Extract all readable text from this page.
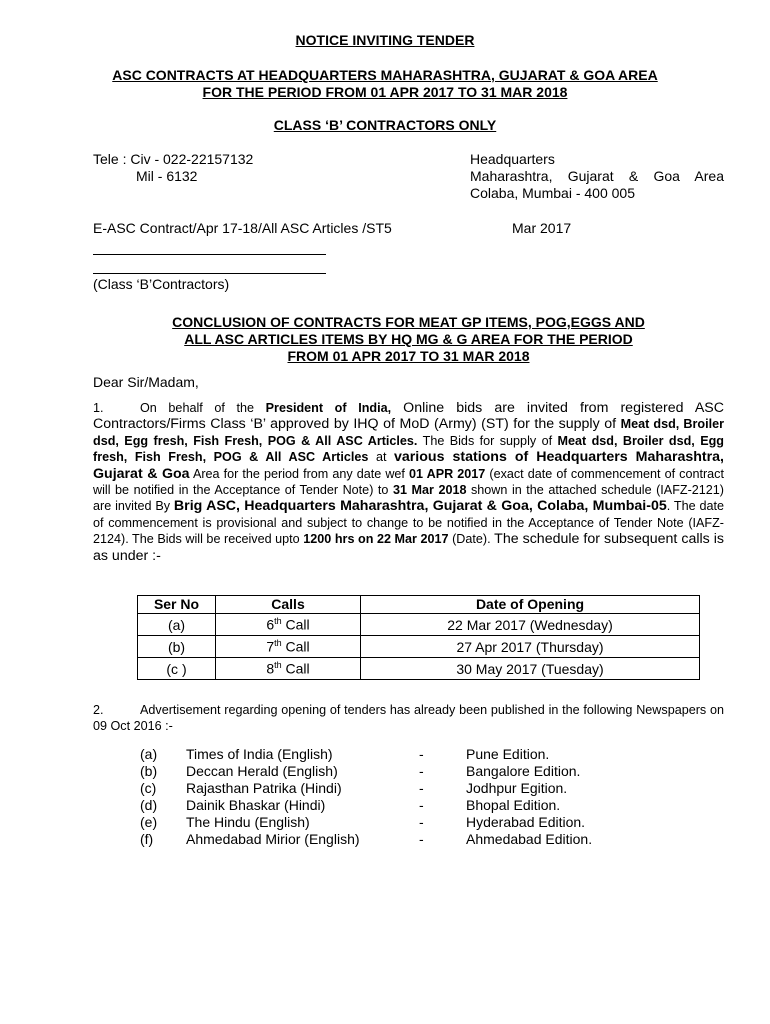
NOTICE INVITING TENDER
ASC CONTRACTS AT HEADQUARTERS MAHARASHTRA, GUJARAT & GOA AREA
FOR THE PERIOD FROM 01 APR 2017 TO 31 MAR 2018
CLASS ‘B’ CONTRACTORS ONLY
Tele : Civ - 022-22157132
Mil - 6132
Headquarters
Maharashtra, Gujarat & Goa Area
Colaba, Mumbai - 400 005
E-ASC Contract/Apr 17-18/All ASC Articles /ST5	Mar 2017
(Class ‘B’Contractors)
CONCLUSION OF CONTRACTS FOR MEAT GP ITEMS, POG,EGGS AND
ALL ASC ARTICLES ITEMS BY HQ MG & G AREA FOR THE PERIOD
FROM 01 APR 2017 TO 31 MAR 2018
Dear Sir/Madam,
1.	On behalf of the President of India, Online bids are invited from registered ASC Contractors/Firms Class ‘B’ approved by IHQ of MoD (Army) (ST) for the supply of Meat dsd, Broiler dsd, Egg fresh, Fish Fresh, POG & All ASC Articles. The Bids for supply of Meat dsd, Broiler dsd, Egg fresh, Fish Fresh, POG & All ASC Articles at various stations of Headquarters Maharashtra, Gujarat & Goa Area for the period from any date wef 01 APR 2017 (exact date of commencement of contract will be notified in the Acceptance of Tender Note) to 31 Mar 2018 shown in the attached schedule (IAFZ-2121) are invited By Brig ASC, Headquarters Maharashtra, Gujarat & Goa, Colaba, Mumbai-05. The date of commencement is provisional and subject to change to be notified in the Acceptance of Tender Note (IAFZ-2124). The Bids will be received upto 1200 hrs on 22 Mar 2017 (Date). The schedule for subsequent calls is as under :-
Ser No	Calls	Date of Opening
(a)	6th Call	22 Mar 2017 (Wednesday)
(b)	7th Call	27 Apr 2017 (Thursday)
(c )	8th Call	30 May 2017 (Tuesday)
2.	Advertisement regarding opening of tenders has already been published in the following Newspapers on 09 Oct 2016 :-
(a) Times of India (English)	-	Pune Edition.
(b) Deccan Herald (English)	-	Bangalore Edition.
(c) Rajasthan Patrika (Hindi)	-	Jodhpur Egition.
(d) Dainik Bhaskar (Hindi)	-	Bhopal Edition.
(e) The Hindu (English)	-	Hyderabad Edition.
(f) Ahmedabad Mirior (English)	-	Ahmedabad Edition.
